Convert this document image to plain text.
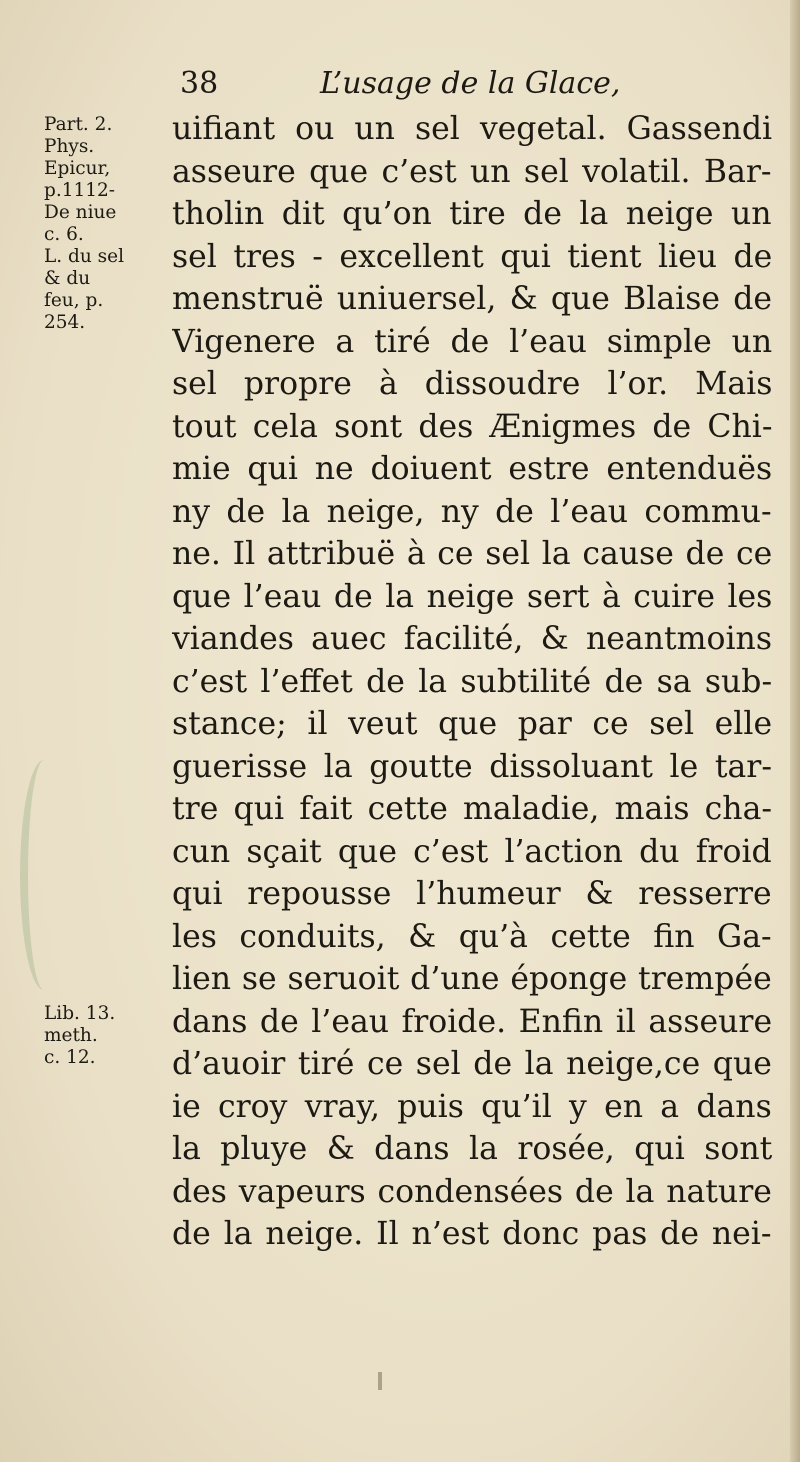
38	L’usage de la Glace,
Part. 2.
Phys.
Epicur,
p.1112-
De niue
c. 6.
L. du sel
& du
feu, p.
254.
Lib. 13.
meth.
c. 12.
uifiant ou un sel vegetal. Gassendi
asseure que c’est un sel volatil. Bar-
tholin dit qu’on tire de la neige un
sel tres - excellent qui tient lieu de
menstruë uniuersel, & que Blaise de
Vigenere a tiré de l’eau simple un
sel propre à dissoudre l’or. Mais
tout cela sont des Ænigmes de Chi-
mie qui ne doiuent estre entenduës
ny de la neige, ny de l’eau commu-
ne. Il attribuë à ce sel la cause de ce
que l’eau de la neige sert à cuire les
viandes auec facilité, & neantmoins
c’est l’effet de la subtilité de sa sub-
stance; il veut que par ce sel elle
guerisse la goutte dissoluant le tar-
tre qui fait cette maladie, mais cha-
cun sçait que c’est l’action du froid
qui repousse l’humeur & resserre
les conduits, & qu’à cette fin Ga-
lien se seruoit d’une éponge trempée
dans de l’eau froide. Enfin il asseure
d’auoir tiré ce sel de la neige,ce que
ie croy vray, puis qu’il y en a dans
la pluye & dans la rosée, qui sont
des vapeurs condensées de la nature
de la neige. Il n’est donc pas de nei-
